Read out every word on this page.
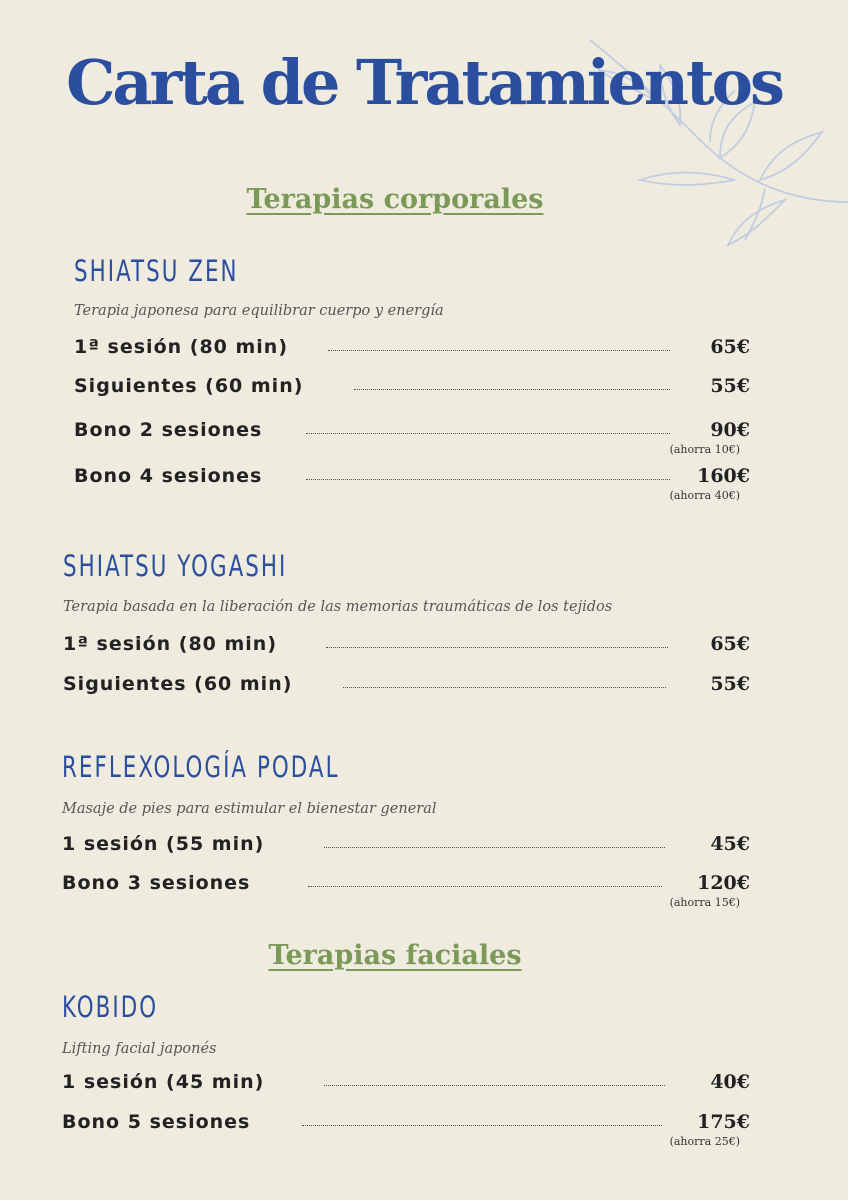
Carta de Tratamientos
Terapias corporales
SHIATSU ZEN

Terapia japonesa para equilibrar cuerpo y energía

1ª sesión (80 min)	65€
Siguientes (60 min)	55€
Bono 2 sesiones	90€
(ahorra 10€)
Bono 4 sesiones	160€
(ahorra 40€)
SHIATSU YOGASHI

Terapia basada en la liberación de las memorias traumáticas de los tejidos

1ª sesión (80 min)	65€
Siguientes (60 min)	55€
REFLEXOLOGÍA PODAL

Masaje de pies para estimular el bienestar general

1 sesión (55 min)	45€
Bono 3 sesiones	120€
(ahorra 15€)
Terapias faciales
KOBIDO

Lifting facial japonés

1 sesión (45 min)	40€
Bono 5 sesiones	175€
(ahorra 25€)
